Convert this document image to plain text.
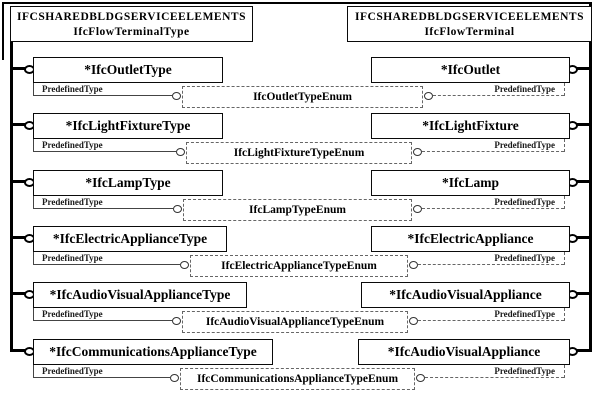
IFCSHAREDBLDGSERVICEELEMENTS
IfcFlowTerminalType
IFCSHAREDBLDGSERVICEELEMENTS
IfcFlowTerminal
*IfcOutletType
PredefinedType
IfcOutletTypeEnum
PredefinedType
*IfcOutlet
*IfcLightFixtureType
PredefinedType
IfcLightFixtureTypeEnum
PredefinedType
*IfcLightFixture
*IfcLampType
PredefinedType
IfcLampTypeEnum
PredefinedType
*IfcLamp
*IfcElectricApplianceType
PredefinedType
IfcElectricApplianceTypeEnum
PredefinedType
*IfcElectricAppliance
*IfcAudioVisualApplianceType
PredefinedType
IfcAudioVisualApplianceTypeEnum
PredefinedType
*IfcAudioVisualAppliance
*IfcCommunicationsApplianceType
PredefinedType
IfcCommunicationsApplianceTypeEnum
PredefinedType
*IfcAudioVisualAppliance
